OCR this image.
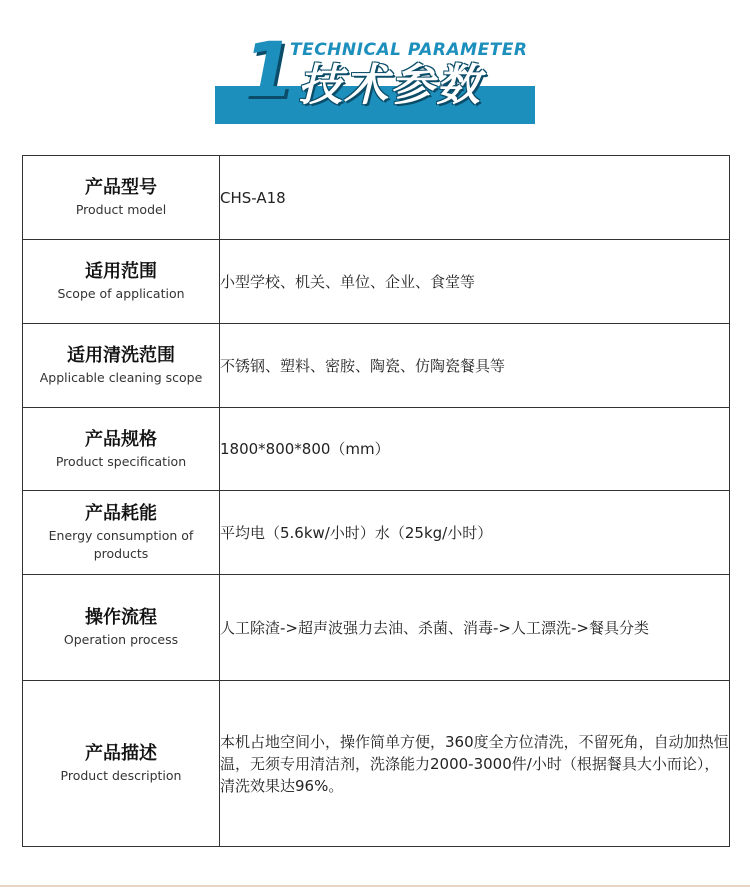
1
TECHNICAL PARAMETER
技术参数
产品型号
Product model	CHS-A18

适用范围
Scope of application	小型学校、机关、单位、企业、食堂等

适用清洗范围
Applicable cleaning scope	不锈钢、塑料、密胺、陶瓷、仿陶瓷餐具等

产品规格
Product specification	1800*800*800（mm）

产品耗能
Energy consumption of products	平均电（5.6kw/小时）水（25kg/小时）

操作流程
Operation process	人工除渣->超声波强力去油、杀菌、消毒->人工漂洗->餐具分类

产品描述
Product description	本机占地空间小，操作简单方便，360度全方位清洗，不留死角，自动加热恒温，无须专用清洁剂，洗涤能力2000-3000件/小时（根据餐具大小而论），清洗效果达96%。
